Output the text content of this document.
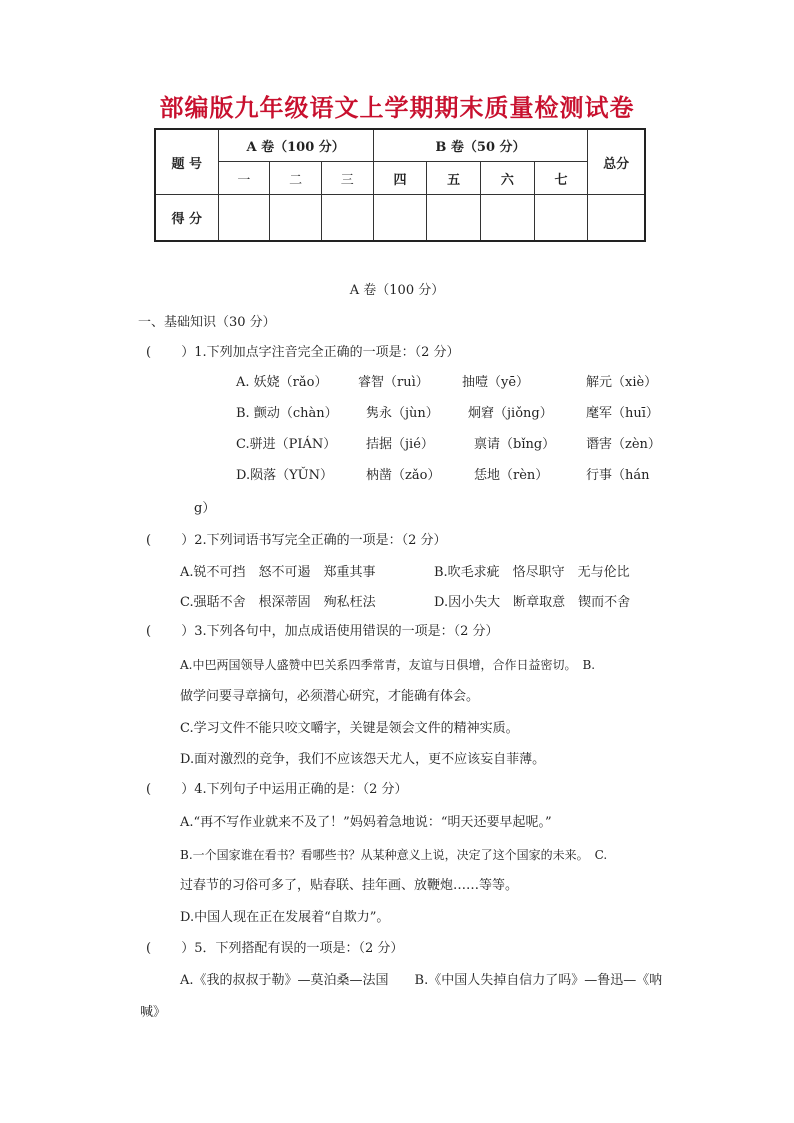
部编版九年级语文上学期期末质量检测试卷
题 号	A 卷（100 分）			B 卷（50 分）				总分
	一	二	三	四	五	六	七	
得 分								
A 卷（100 分）
一、基础知识（30 分）
(　　 ）1.下列加点字注音完全正确的一项是：（2 分）
A. 妖娆（rǎo） 睿智（ruì）	抽噎（yē）	解元（xiè）
B. 颤动（chàn） 隽永（jùn） 炯窘（jiǒng）	麾军（huī）
C.骈进（PIÁN） 拮据（jié）	禀请（bǐng） 谮害（zèn）
D.陨落（YǓN）	枘凿（zǎo）	恁地（rèn）	行事（hán
g）
(　　 ）2.下列词语书写完全正确的一项是：（2 分）
A.锐不可挡　怒不可遏　郑重其事	B.吹毛求疵　恪尽职守　无与伦比
C.强聒不舍　根深蒂固　殉私枉法	D.因小失大　断章取意　锲而不舍
(　　 ）3.下列各句中，加点成语使用错误的一项是：（2 分）
A.中巴两国领导人盛赞中巴关系四季常青，友谊与日俱增，合作日益密切。　B.
做学问要寻章摘句，必须潜心研究，才能确有体会。
C.学习文件不能只咬文嚼字，关键是领会文件的精神实质。
D.面对激烈的竞争，我们不应该怨天尤人，更不应该妄自菲薄。
(　　 ）4.下列句子中运用正确的是：（2 分）
A.“再不写作业就来不及了！”妈妈着急地说：“明天还要早起呢。”
B.一个国家谁在看书？看哪些书？从某种意义上说，决定了这个国家的未来。　C.
过春节的习俗可多了，贴春联、挂年画、放鞭炮……等等。
D.中国人现在正在发展着“自欺力”。
(　　 ）5．下列搭配有误的一项是：（2 分）
A.《我的叔叔于勒》—莫泊桑—法国　　B.《中国人失掉自信力了吗》—鲁迅—《呐
喊》
